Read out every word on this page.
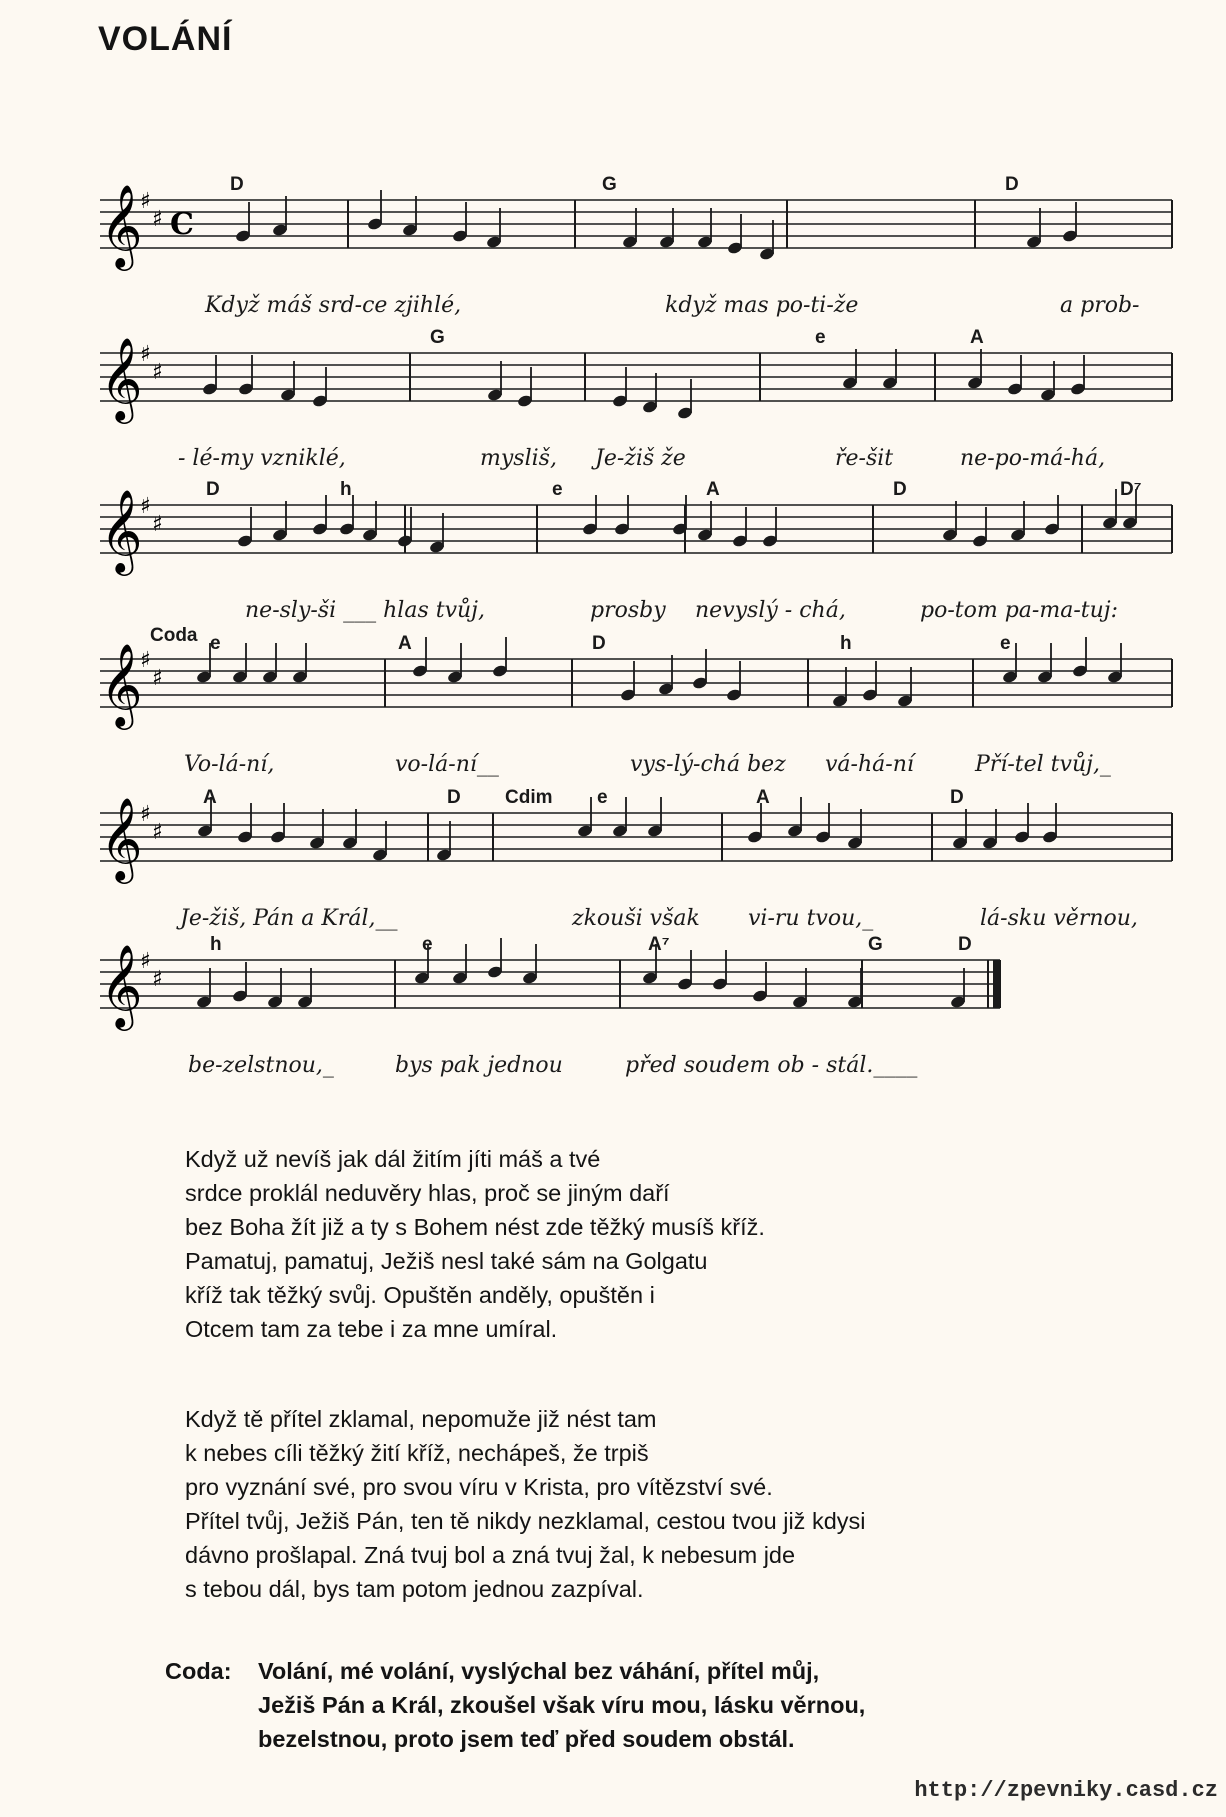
VOLÁNÍ
𝄞
♯
♯ C
D	G	D
Když máš srd-ce zjihlé,	když mas po-ti-že	a prob-
𝄞
♯
♯
G	e	A
- lé-my vzniklé,	mysliš, Je-žiš že	ře-šit	ne-po-má-há,
𝄞
♯
♯
D	h	e	A	D	D⁷
ne-sly-ši ___ hlas tvůj,	prosby nevyslý - chá,	po-tom pa-ma-tuj:
𝄞
♯
♯
Coda e	A	D	h	e
Vo-lá-ní,	vo-lá-ní__	vys-lý-chá bez vá-há-ní	Pří-tel tvůj,_
𝄞
♯
♯
A	D Cdim e	A	D
Je-žiš, Pán a Král,__	zkouši však vi-ru tvou,_	lá-sku věrnou,
𝄞
♯
♯
h	e	A⁷	G	D
be-zelstnou,_	bys pak jednou	před soudem ob - stál.____
Když už nevíš jak dál žitím jíti máš a tvé
srdce proklál neduvěry hlas, proč se jiným daří
bez Boha žít již a ty s Bohem nést zde těžký musíš kříž.
Pamatuj, pamatuj, Ježiš nesl také sám na Golgatu
kříž tak těžký svůj. Opuštěn anděly, opuštěn i
Otcem tam za tebe i za mne umíral.
Když tě přítel zklamal, nepomuže již nést tam
k nebes cíli těžký žití kříž, nechápeš, že trpiš
pro vyznání své, pro svou víru v Krista, pro vítězství své.
Přítel tvůj, Ježiš Pán, ten tě nikdy nezklamal, cestou tvou již kdysi
dávno prošlapal. Zná tvuj bol a zná tvuj žal, k nebesum jde
s tebou dál, bys tam potom jednou zazpíval.
Coda: Volání, mé volání, vyslýchal bez váhání, přítel můj,
Ježiš Pán a Král, zkoušel však víru mou, lásku věrnou,
bezelstnou, proto jsem teď před soudem obstál.
http://zpevniky.casd.cz
